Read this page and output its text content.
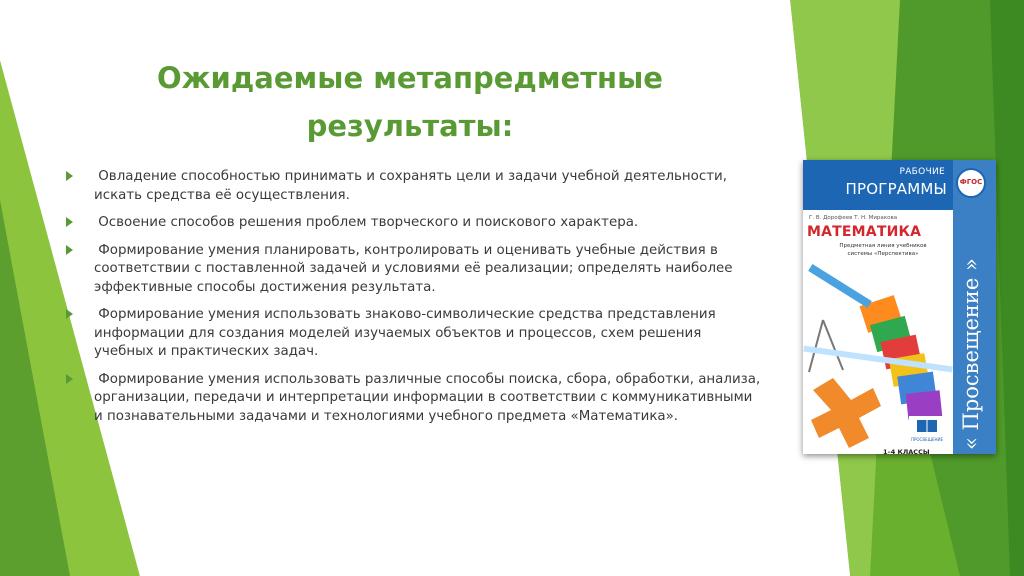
Ожидаемые метапредметные
результаты:
Овладение способностью принимать и сохранять цели и задачи учебной деятельности, искать средства её осуществления.
Освоение способов решения проблем творческого и поискового характера.
Формирование умения планировать, контролировать и оценивать учебные действия в соответствии с поставленной задачей и условиями её реализации; определять наиболее эффективные способы достижения результата.
Формирование умения использовать знаково-символические средства представления информации для создания моделей изучаемых объектов и процессов, схем решения учебных и практических задач.
Формирование умения использовать различные способы поиска, сбора, обработки, анализа, организации, передачи и интерпретации информации в соответствии с коммуникативными и познавательными задачами и технологиями учебного предмета «Математика».
РАБОЧИЕ
ПРОГРАММЫ ФГОС
Г. В. Дорофеев Т. Н. Миракова
МАТЕМАТИКА
Предметная линия учебников
системы «Перспектива»
1–4 КЛАССЫ
« Просвещение »
ПРОСВЕЩЕНИЕ
